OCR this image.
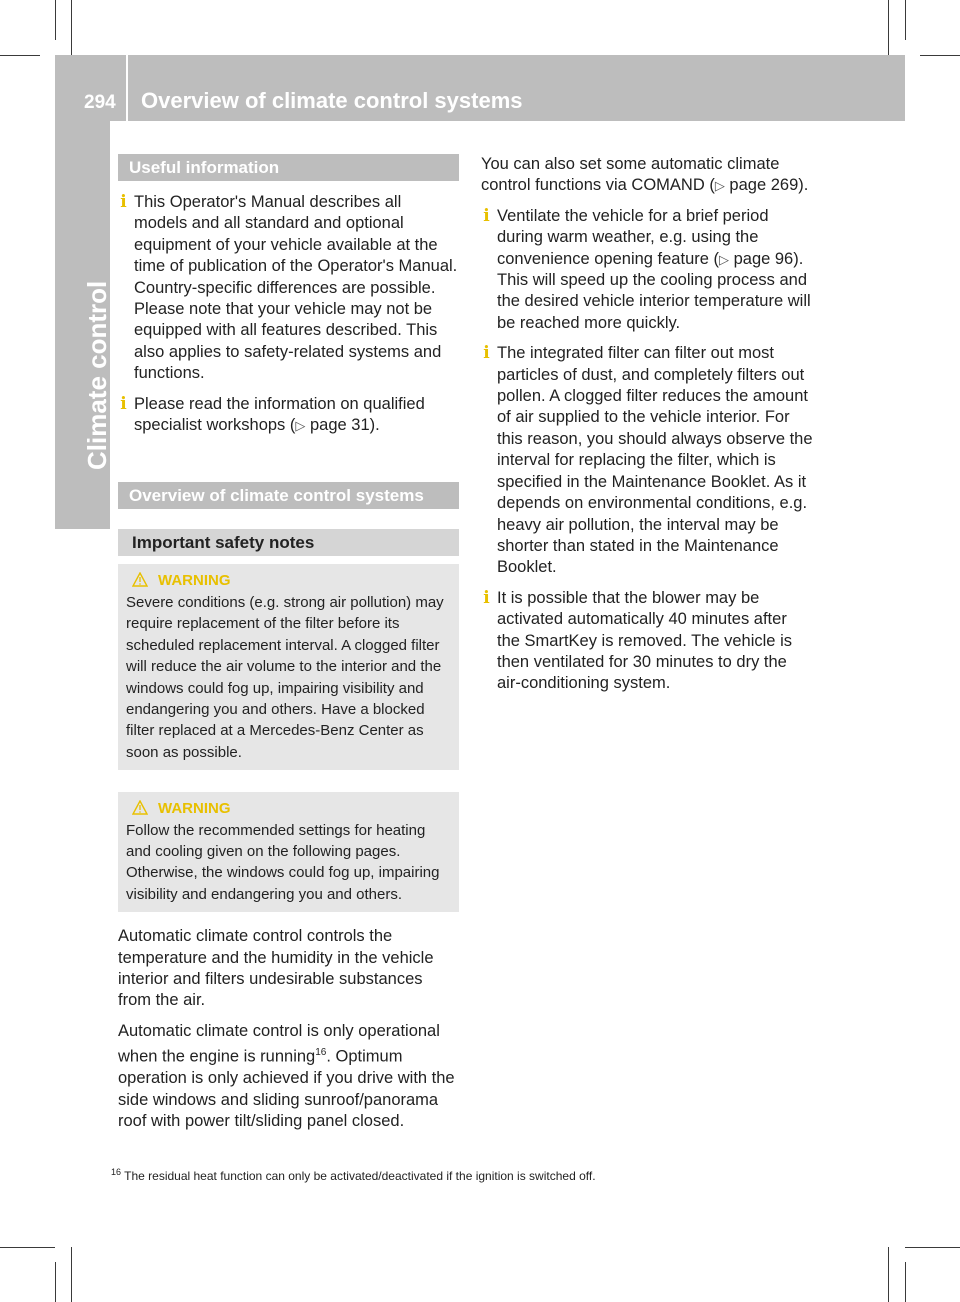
294 Overview of climate control systems
Climate control
Useful information
i This Operator's Manual describes all models and all standard and optional equipment of your vehicle available at the time of publication of the Operator's Manual. Country-specific differences are possible. Please note that your vehicle may not be equipped with all features described. This also applies to safety-related systems and functions.
i Please read the information on qualified specialist workshops (▷ page 31).
Overview of climate control systems
Important safety notes
WARNING
Severe conditions (e.g. strong air pollution) may require replacement of the filter before its scheduled replacement interval. A clogged filter will reduce the air volume to the interior and the windows could fog up, impairing visibility and endangering you and others. Have a blocked filter replaced at a Mercedes-Benz Center as soon as possible.
WARNING
Follow the recommended settings for heating and cooling given on the following pages. Otherwise, the windows could fog up, impairing visibility and endangering you and others.

Automatic climate control controls the temperature and the humidity in the vehicle interior and filters undesirable substances from the air.

Automatic climate control is only operational when the engine is running$^{16}$. Optimum operation is only achieved if you drive with the side windows and sliding sunroof/panorama roof with power tilt/sliding panel closed.

You can also set some automatic climate control functions via COMAND (▷ page 269).

i Ventilate the vehicle for a brief period during warm weather, e.g. using the convenience opening feature (▷ page 96). This will speed up the cooling process and the desired vehicle interior temperature will be reached more quickly.
i The integrated filter can filter out most particles of dust, and completely filters out pollen. A clogged filter reduces the amount of air supplied to the vehicle interior. For this reason, you should always observe the interval for replacing the filter, which is specified in the Maintenance Booklet. As it depends on environmental conditions, e.g. heavy air pollution, the interval may be shorter than stated in the Maintenance Booklet.
i It is possible that the blower may be activated automatically 40 minutes after the SmartKey is removed. The vehicle is then ventilated for 30 minutes to dry the air-conditioning system.
$^{16}$ The residual heat function can only be activated/deactivated if the ignition is switched off.
